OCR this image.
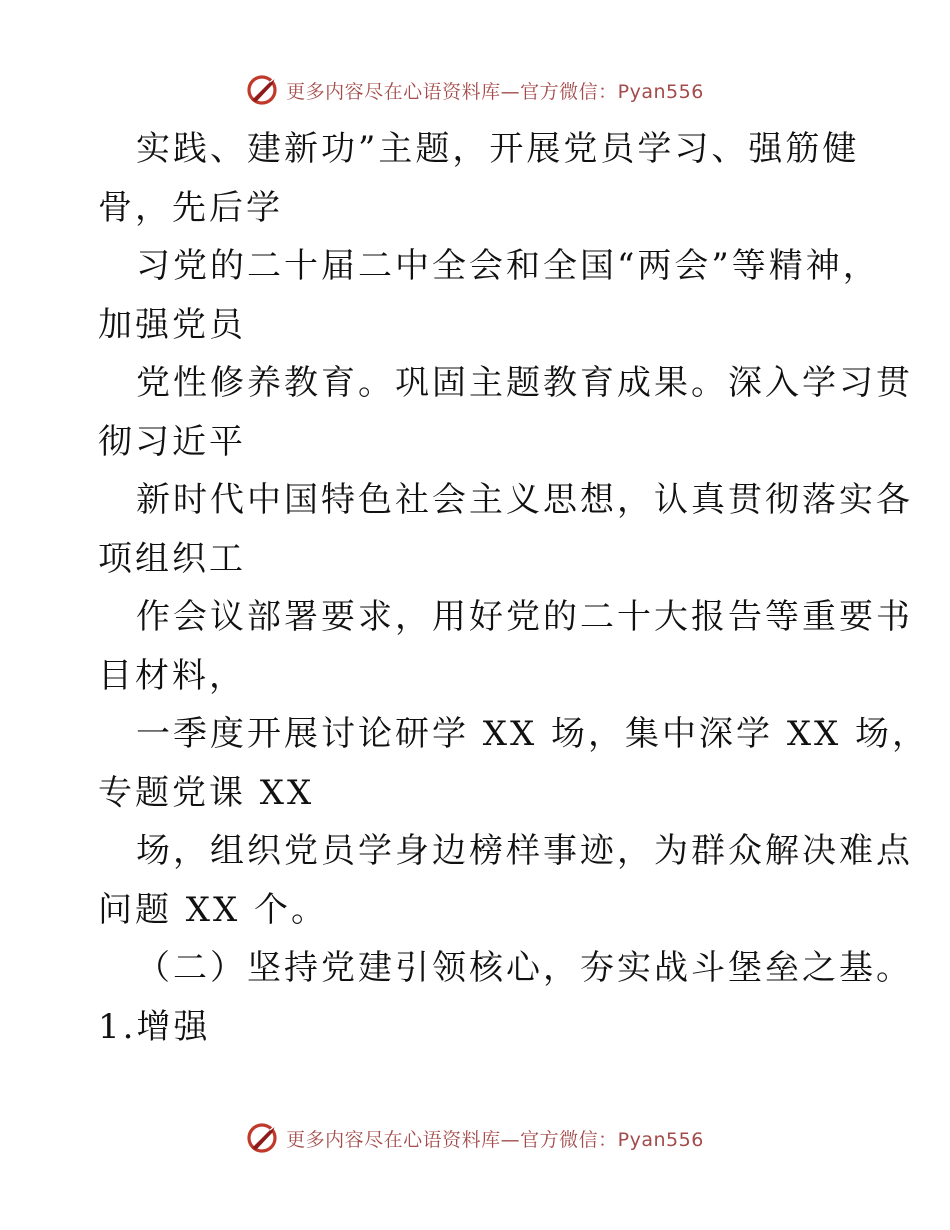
更多内容尽在心语资料库—官方微信：Pyan556

实践、建新功”主题，开展党员学习、强筋健

骨，先后学

习党的二十届二中全会和全国“两会”等精神，

加强党员

党性修养教育。巩固主题教育成果。深入学习贯

彻习近平

新时代中国特色社会主义思想，认真贯彻落实各

项组织工

作会议部署要求，用好党的二十大报告等重要书

目材料，

一季度开展讨论研学 XX 场，集中深学 XX 场，

专题党课 XX

场，组织党员学身边榜样事迹，为群众解决难点

问题 XX 个。

（二）坚持党建引领核心，夯实战斗堡垒之基。

1.增强

更多内容尽在心语资料库—官方微信：Pyan556
